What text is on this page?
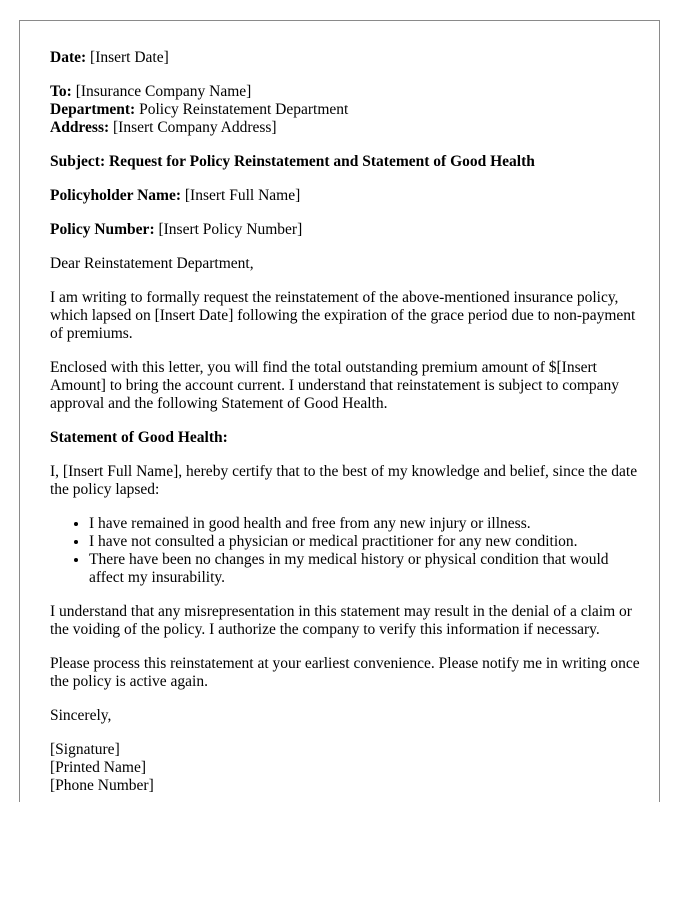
Date: [Insert Date]

To: [Insurance Company Name]
Department: Policy Reinstatement Department
Address: [Insert Company Address]

Subject: Request for Policy Reinstatement and Statement of Good Health

Policyholder Name: [Insert Full Name]

Policy Number: [Insert Policy Number]

Dear Reinstatement Department,

I am writing to formally request the reinstatement of the above-mentioned insurance policy, which lapsed on [Insert Date] following the expiration of the grace period due to non-payment of premiums.

Enclosed with this letter, you will find the total outstanding premium amount of $[Insert Amount] to bring the account current. I understand that reinstatement is subject to company approval and the following Statement of Good Health.

Statement of Good Health:

I, [Insert Full Name], hereby certify that to the best of my knowledge and belief, since the date the policy lapsed:

• I have remained in good health and free from any new injury or illness.
• I have not consulted a physician or medical practitioner for any new condition.
• There have been no changes in my medical history or physical condition that would affect my insurability.

I understand that any misrepresentation in this statement may result in the denial of a claim or the voiding of the policy. I authorize the company to verify this information if necessary.

Please process this reinstatement at your earliest convenience. Please notify me in writing once the policy is active again.

Sincerely,

[Signature]
[Printed Name]
[Phone Number]
